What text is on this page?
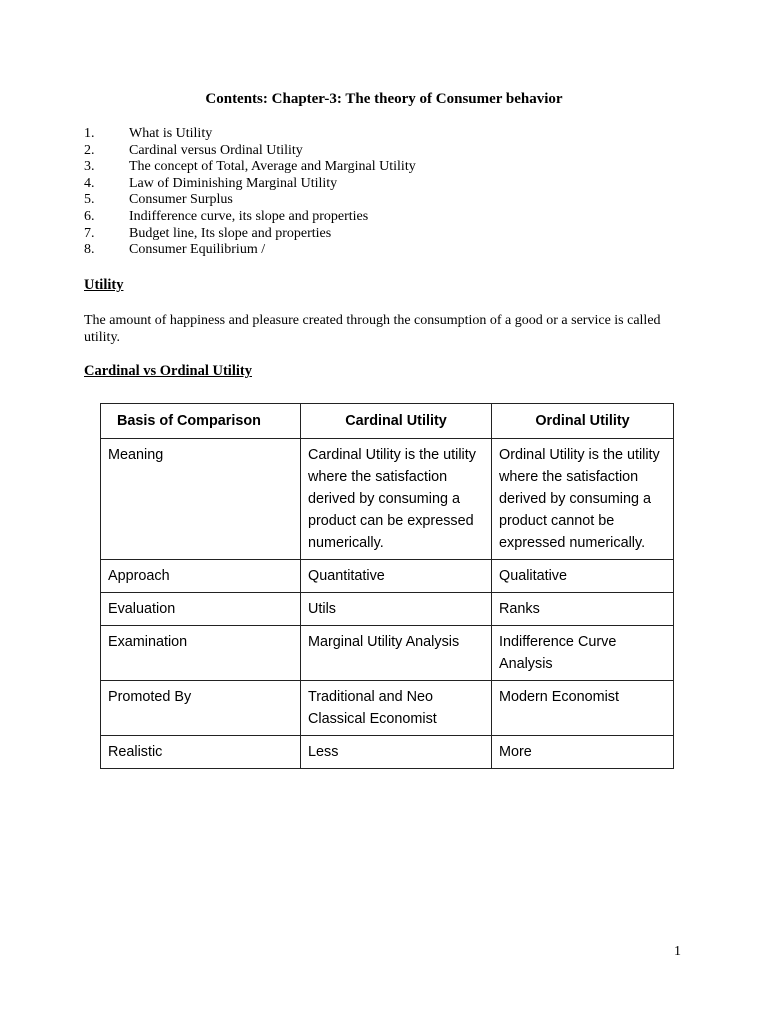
Contents: Chapter-3: The theory of Consumer behavior
1.	What is Utility
2.	Cardinal versus Ordinal Utility
3.	The concept of Total, Average and Marginal Utility
4.	Law of Diminishing Marginal Utility
5.	Consumer Surplus
6.	Indifference curve, its slope and properties
7.	Budget line, Its slope and properties
8.	Consumer Equilibrium /
Utility

The amount of happiness and pleasure created through the consumption of a good or a service is called utility.

Cardinal vs Ordinal Utility
Basis of Comparison	Cardinal Utility	Ordinal Utility
Meaning	Cardinal Utility is the utility where the satisfaction derived by consuming a product can be expressed numerically.	Ordinal Utility is the utility where the satisfaction derived by consuming a product cannot be expressed numerically.
Approach	Quantitative	Qualitative
Evaluation	Utils	Ranks
Examination	Marginal Utility Analysis	Indifference Curve Analysis
Promoted By	Traditional and Neo Classical Economist	Modern Economist
Realistic	Less	More
1
